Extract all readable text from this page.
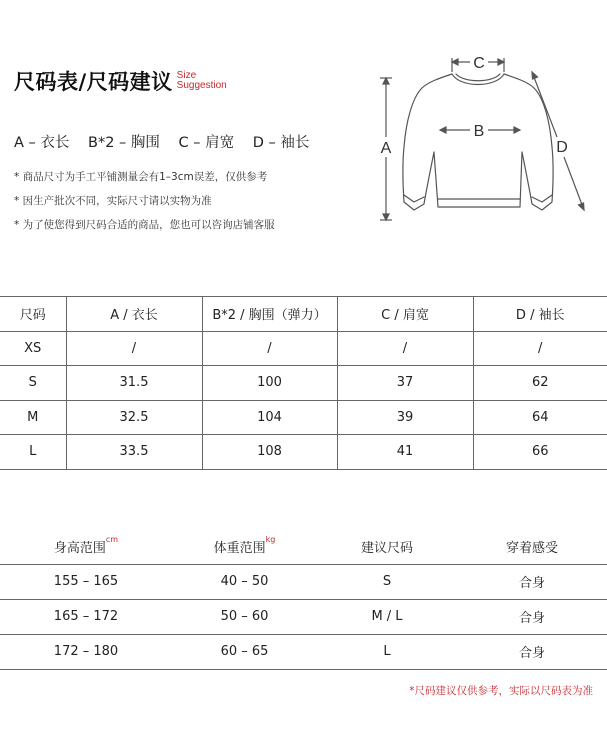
尺码表/尺码建议 Size
Suggestion
A – 衣长 B*2 – 胸围 C – 肩宽 D – 袖长
* 商品尺寸为手工平铺测量会有1–3cm误差，仅供参考
* 因生产批次不同，实际尺寸请以实物为准
* 为了使您得到尺码合适的商品，您也可以咨询店铺客服
C
B
A	D
尺码	A / 衣长	B*2 / 胸围（弹力）	C / 肩宽	D / 袖长
XS	/	/	/	/
S	31.5	100	37	62
M	32.5	104	39	64
L	33.5	108	41	66
身高范围$^{cm}$	体重范围$^{kg}$	建议尺码	穿着感受
155 – 165	40 – 50	S	合身
165 – 172	50 – 60	M / L	合身
172 – 180	60 – 65	L	合身
*尺码建议仅供参考，实际以尺码表为准
